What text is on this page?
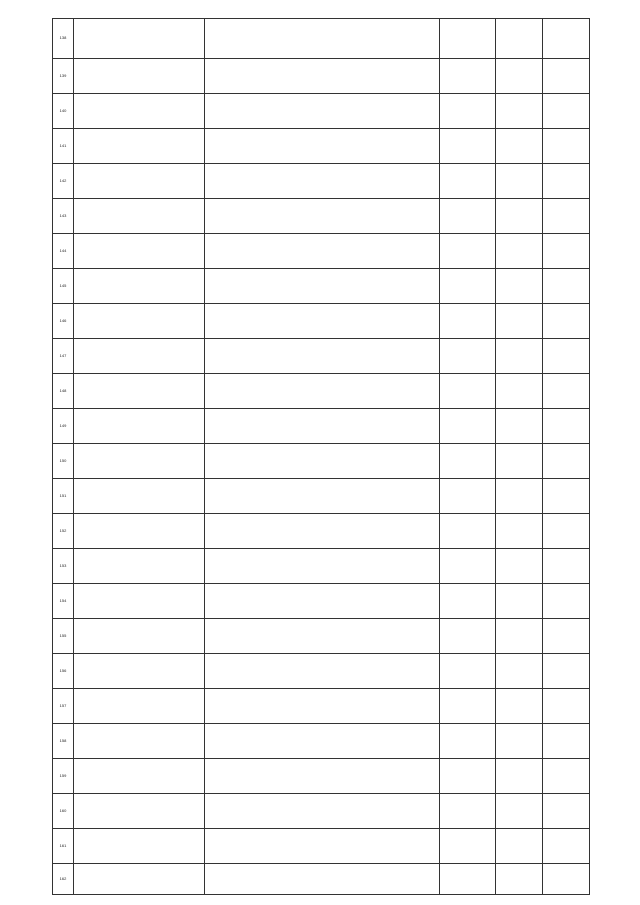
138					
139					
140					
141					
142					
143					
144					
145					
146					
147					
148					
149					
150					
151					
152					
153					
154					
155					
156					
157					
158					
159					
160					
161					
162					
